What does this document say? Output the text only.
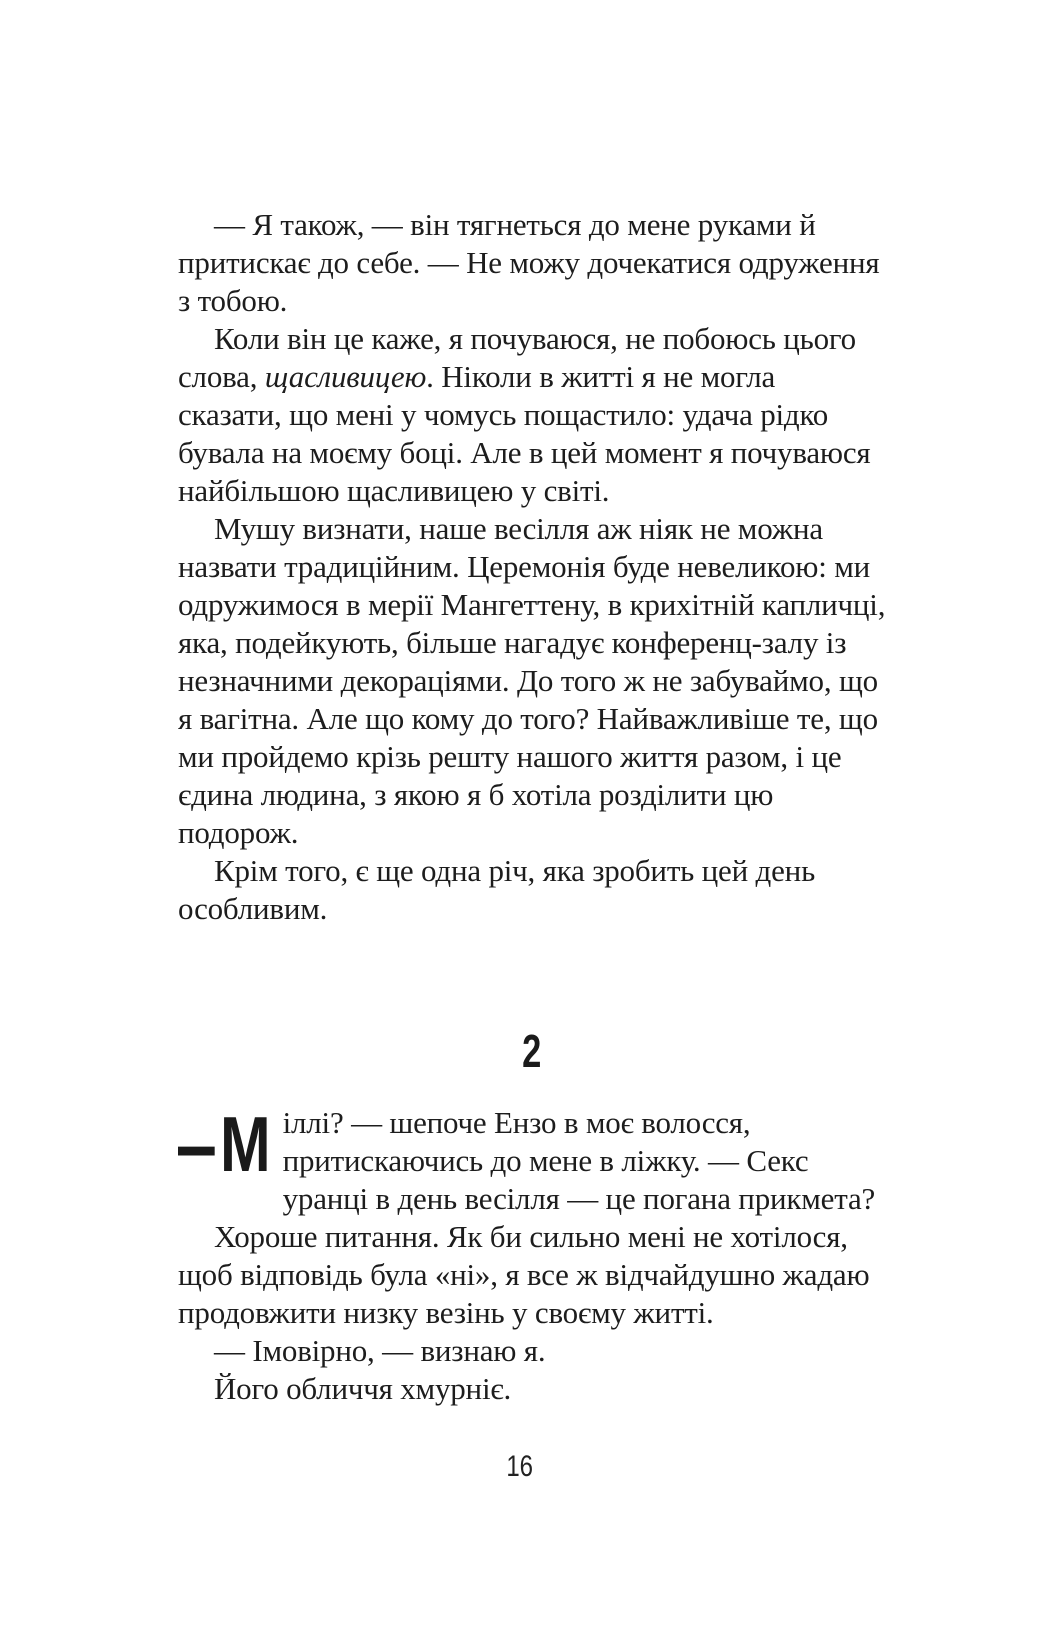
— Я також, — він тягнеться до мене руками й притискає до себе. — Не можу дочекатися одруження з тобою.

Коли він це каже, я почуваюся, не побоюсь цього слова, щасливицею. Ніколи в житті я не могла сказати, що мені у чомусь пощастило: удача рідко бувала на моєму боці. Але в цей момент я почуваюся найбільшою щасливицею у світі.

Мушу визнати, наше весілля аж ніяк не можна назвати традиційним. Церемонія буде невеликою: ми одружимося в мерії Мангеттену, в крихітній капличці, яка, подейкують, більше нагадує конференц-залу із незначними декораціями. До того ж не забуваймо, що я вагітна. Але що кому до того? Найважливіше те, що ми пройдемо крізь решту нашого життя разом, і це єдина людина, з якою я б хотіла розділити цю подорож.

Крім того, є ще одна річ, яка зробить цей день особливим.

2

—М іллі? — шепоче Ензо в моє волосся, притискаючись до мене в ліжку. — Секс уранці в день весілля — це погана прикмета?

Хороше питання. Як би сильно мені не хотілося, щоб відповідь була «ні», я все ж відчайдушно жадаю продовжити низку везінь у своєму житті.

— Імовірно, — визнаю я.

Його обличчя хмурніє.

16
